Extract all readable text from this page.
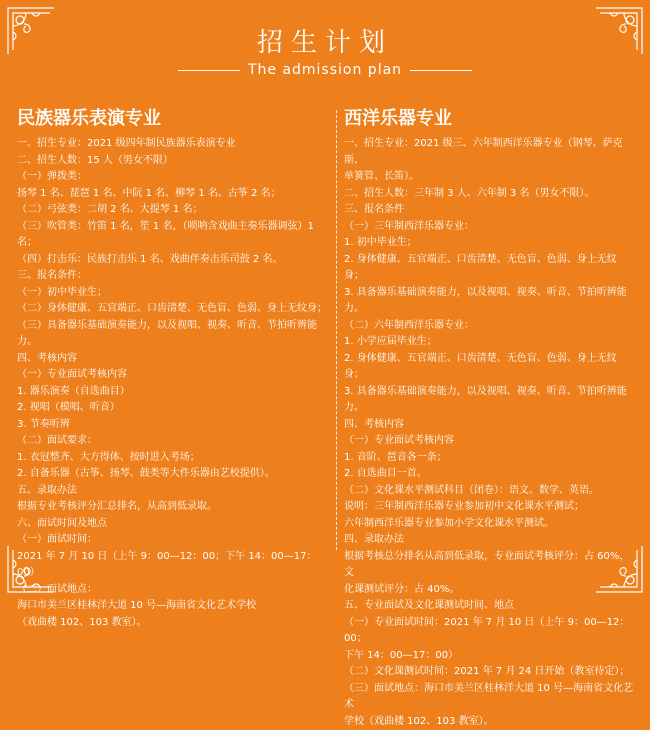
招生计划
The admission plan
民族器乐表演专业
一、招生专业：2021 级四年制民族器乐表演专业
二、招生人数：15 人（男女不限）
（一）弹拨类：
扬琴 1 名、琵琶 1 名、中阮 1 名、柳琴 1 名、古筝 2 名；
（二）弓弦类：二胡 2 名、大提琴 1 名；
（三）吹管类：竹笛 1 名，笙 1 名，（唢呐含戏曲主奏乐器调弦）1 名；
（四）打击乐：民族打击乐 1 名、戏曲伴奏击乐司鼓 2 名。
三、报名条件：
（一）初中毕业生；
（二）身体健康、五官端正、口齿清楚、无色盲、色弱、身上无纹身；
（三）具备器乐基础演奏能力，以及视唱、视奏、听音、节拍听辨能力。
四、考核内容
（一）专业面试考核内容
1. 器乐演奏（自选曲目）
2. 视唱（模唱、听音）
3. 节奏听辨
（二）面试要求：
1. 衣冠整齐、大方得体、按时进入考场；
2. 自备乐器（古筝、扬琴、鼓类等大件乐器由艺校提供）。
五、录取办法
根据专业考核评分汇总排名，从高到低录取。
六、面试时间及地点
（一）面试时间：
2021 年 7 月 10 日（上午 9：00—12：00；下午 14：00—17：00）
（二）面试地点：
海口市美兰区桂林洋大道 10 号—海南省文化艺术学校
（戏曲楼 102、103 教室）。
西洋乐器专业
一、招生专业：2021 级三、六年制西洋乐器专业（钢琴、萨克斯、
单簧管、长笛）。
二、招生人数：三年制 3 人、六年制 3 名（男女不限）。
三、报名条件
（一）三年制西洋乐器专业：
1. 初中毕业生；
2. 身体健康、五官端正、口齿清楚、无色盲、色弱、身上无纹身；
3. 具备器乐基础演奏能力，以及视唱、视奏、听音、节拍听辨能力。
（二）六年制西洋乐器专业：
1. 小学应届毕业生；
2. 身体健康、五官端正、口齿清楚、无色盲、色弱、身上无纹身；
3. 具备器乐基础演奏能力，以及视唱、视奏、听音、节拍听辨能力。
四、考核内容
（一）专业面试考核内容
1. 音阶、琶音各一条；
2. 自选曲目一首。
（二）文化课水平测试科目（闭卷）：语文、数学、英语。
说明：三年制西洋乐器专业参加初中文化课水平测试；
六年制西洋乐器专业参加小学文化课水平测试。
四、录取办法
根据考核总分排名从高到低录取，专业面试考核评分：占 60%，文
化课测试评分：占 40%。
五、专业面试及文化课测试时间、地点
（一）专业面试时间：2021 年 7 月 10 日（上午 9：00—12：00；
下午 14：00—17：00）
（二）文化课测试时间：2021 年 7 月 24 日开始（教室待定）；
（三）面试地点：海口市美兰区桂林洋大道 10 号—海南省文化艺术
学校（戏曲楼 102、103 教室）。
